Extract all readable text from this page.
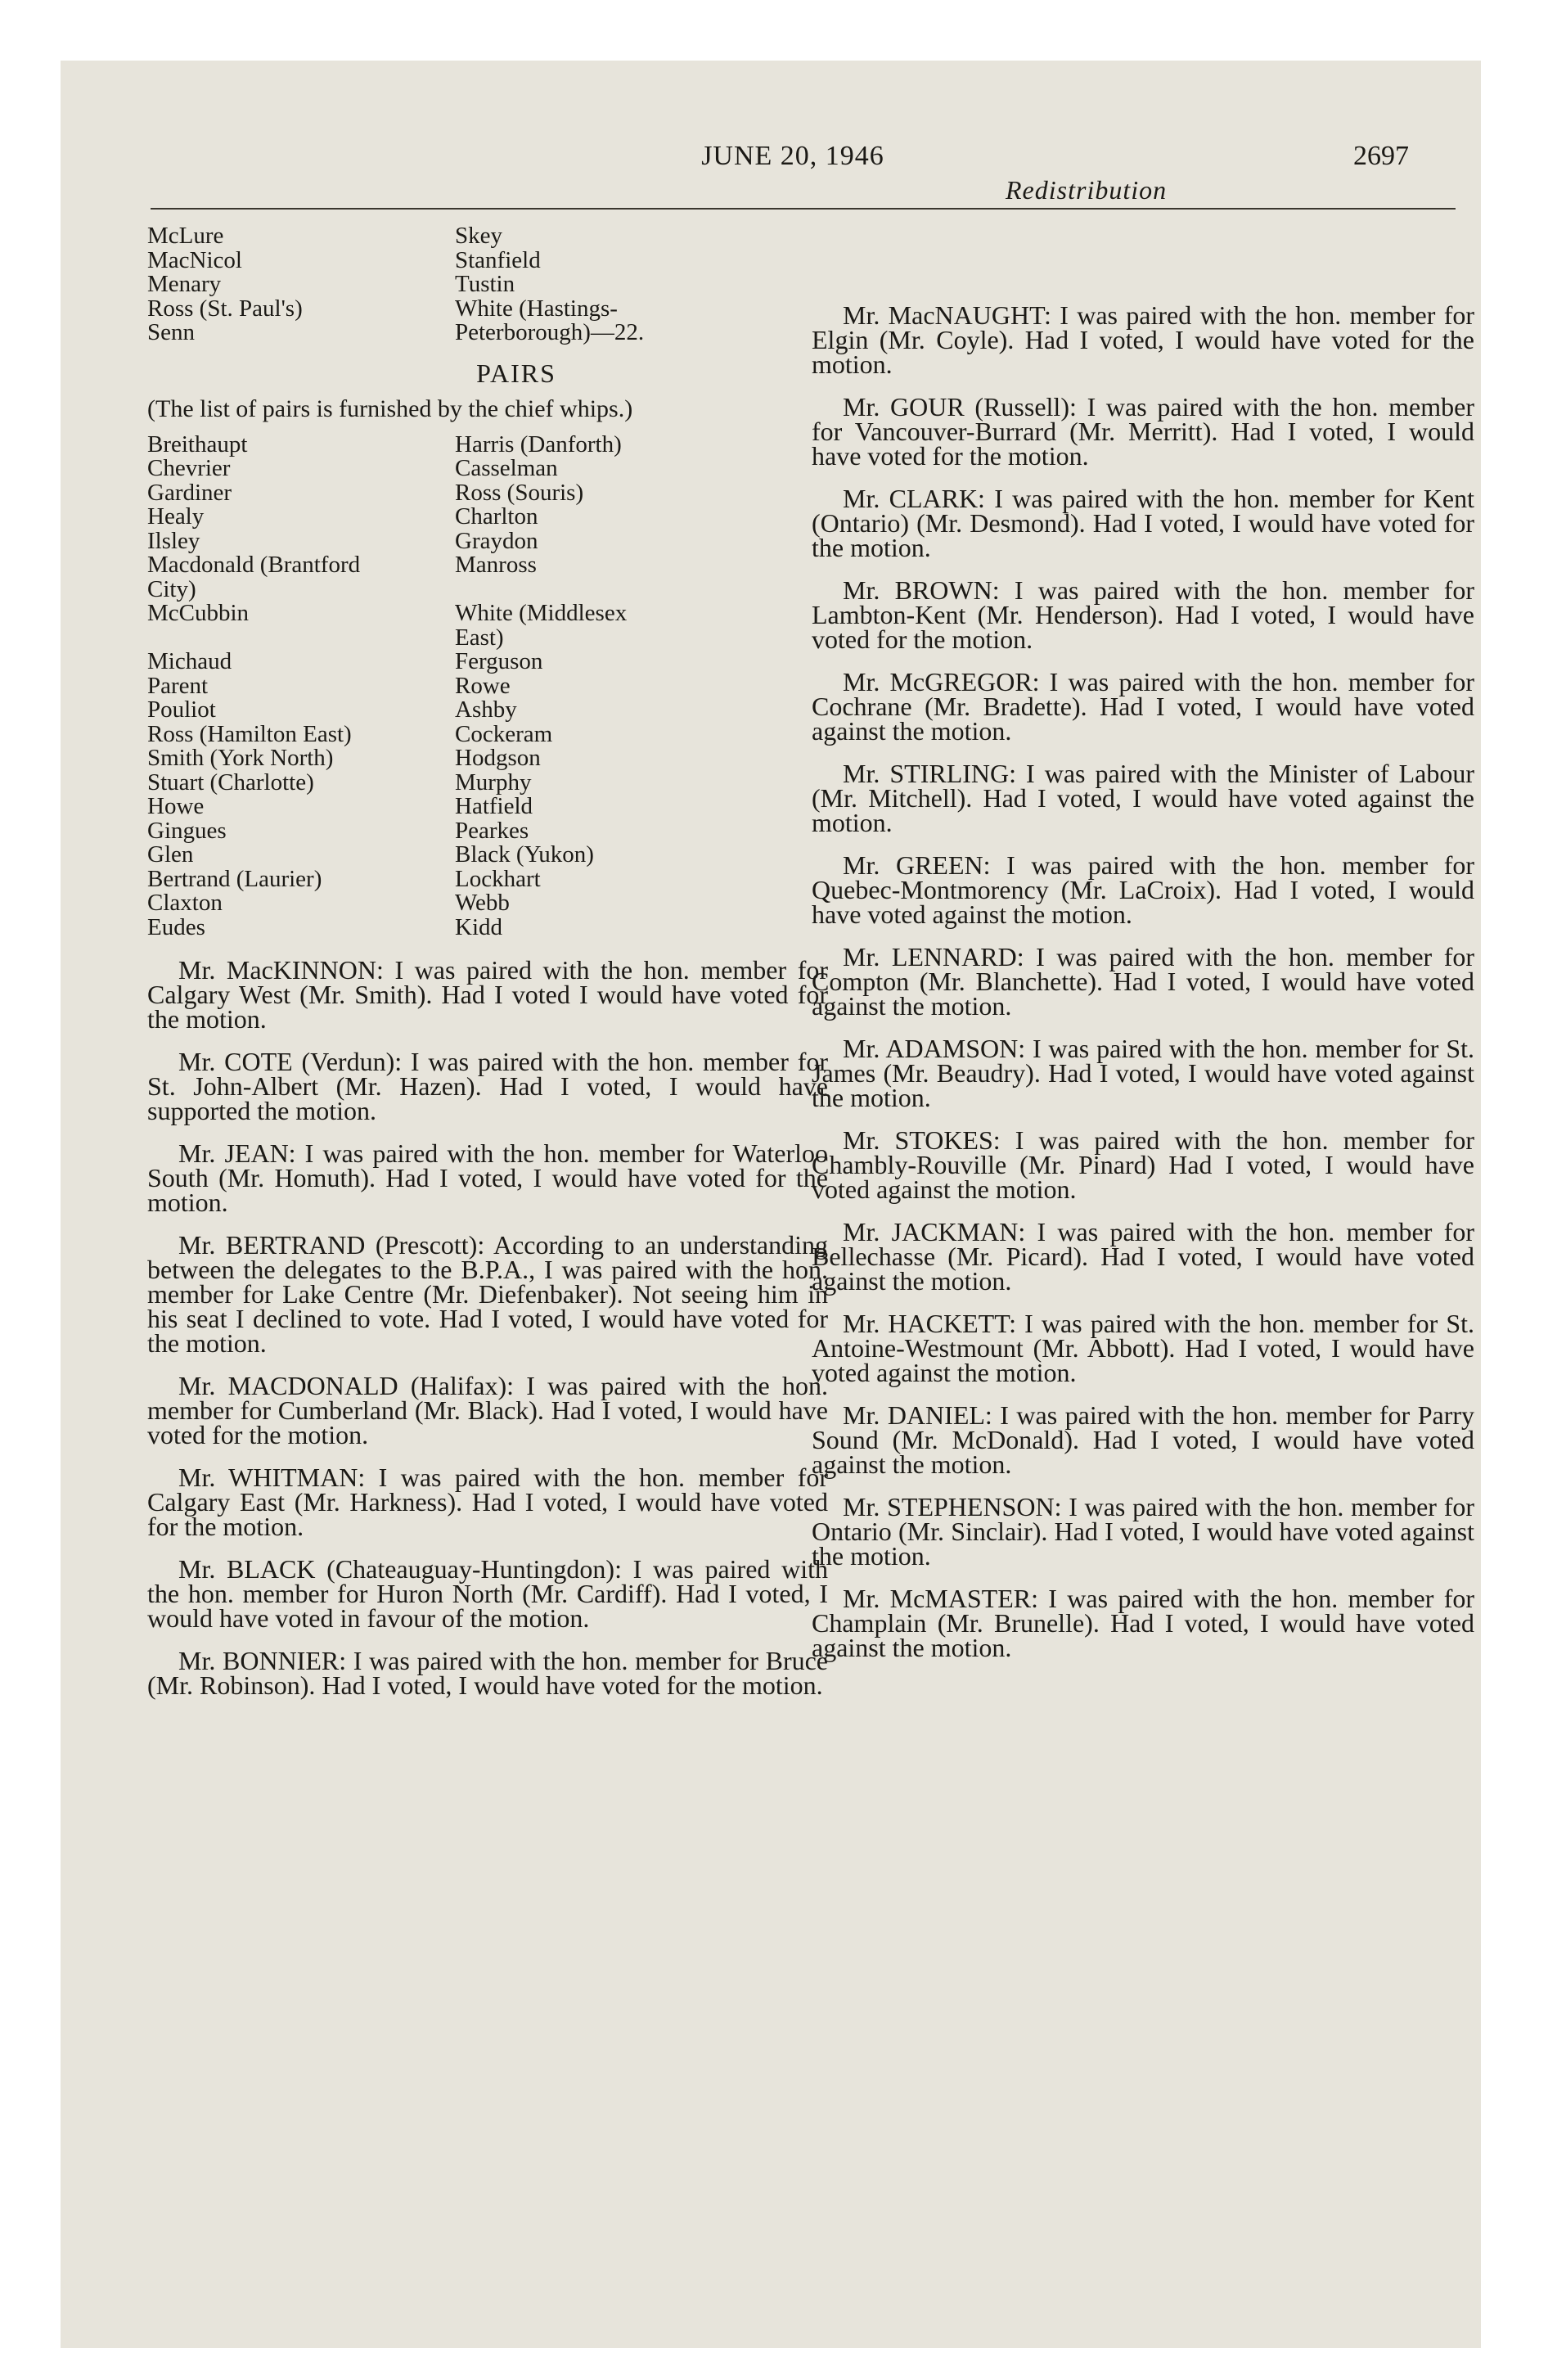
JUNE 20, 1946	2697
Redistribution
McLure	Skey
MacNicol	Stanfield
Menary	Tustin
Ross (St. Paul's)	White (Hastings-
Senn	Peterborough)—22.
PAIRS

(The list of pairs is furnished by the chief whips.)

Breithaupt	Harris (Danforth)
Chevrier	Casselman
Gardiner	Ross (Souris)
Healy	Charlton
Ilsley	Graydon
Macdonald (Brantford	Manross
City)
McCubbin	White (Middlesex
East)
Michaud	Ferguson
Parent	Rowe
Pouliot	Ashby
Ross (Hamilton East)	Cockeram
Smith (York North)	Hodgson
Stuart (Charlotte)	Murphy
Howe	Hatfield
Gingues	Pearkes
Glen	Black (Yukon)
Bertrand (Laurier)	Lockhart
Claxton	Webb
Eudes	Kidd

Mr. MacKINNON: I was paired with the hon. member for Calgary West (Mr. Smith). Had I voted I would have voted for the motion.

Mr. COTE (Verdun): I was paired with the hon. member for St. John-Albert (Mr. Hazen). Had I voted, I would have supported the motion.

Mr. JEAN: I was paired with the hon. member for Waterloo South (Mr. Homuth). Had I voted, I would have voted for the motion.

Mr. BERTRAND (Prescott): According to an understanding between the delegates to the B.P.A., I was paired with the hon. member for Lake Centre (Mr. Diefenbaker). Not seeing him in his seat I declined to vote. Had I voted, I would have voted for the motion.

Mr. MACDONALD (Halifax): I was paired with the hon. member for Cumberland (Mr. Black). Had I voted, I would have voted for the motion.

Mr. WHITMAN: I was paired with the hon. member for Calgary East (Mr. Harkness). Had I voted, I would have voted for the motion.

Mr. BLACK (Chateauguay-Huntingdon): I was paired with the hon. member for Huron North (Mr. Cardiff). Had I voted, I would have voted in favour of the motion.

Mr. BONNIER: I was paired with the hon. member for Bruce (Mr. Robinson). Had I voted, I would have voted for the motion.

Mr. MacNAUGHT: I was paired with the hon. member for Elgin (Mr. Coyle). Had I voted, I would have voted for the motion.

Mr. GOUR (Russell): I was paired with the hon. member for Vancouver-Burrard (Mr. Merritt). Had I voted, I would have voted for the motion.

Mr. CLARK: I was paired with the hon. member for Kent (Ontario) (Mr. Desmond). Had I voted, I would have voted for the motion.

Mr. BROWN: I was paired with the hon. member for Lambton-Kent (Mr. Henderson). Had I voted, I would have voted for the motion.

Mr. McGREGOR: I was paired with the hon. member for Cochrane (Mr. Bradette). Had I voted, I would have voted against the motion.

Mr. STIRLING: I was paired with the Minister of Labour (Mr. Mitchell). Had I voted, I would have voted against the motion.

Mr. GREEN: I was paired with the hon. member for Quebec-Montmorency (Mr. LaCroix). Had I voted, I would have voted against the motion.

Mr. LENNARD: I was paired with the hon. member for Compton (Mr. Blanchette). Had I voted, I would have voted against the motion.

Mr. ADAMSON: I was paired with the hon. member for St. James (Mr. Beaudry). Had I voted, I would have voted against the motion.

Mr. STOKES: I was paired with the hon. member for Chambly-Rouville (Mr. Pinard) Had I voted, I would have voted against the motion.

Mr. JACKMAN: I was paired with the hon. member for Bellechasse (Mr. Picard). Had I voted, I would have voted against the motion.

Mr. HACKETT: I was paired with the hon. member for St. Antoine-Westmount (Mr. Abbott). Had I voted, I would have voted against the motion.

Mr. DANIEL: I was paired with the hon. member for Parry Sound (Mr. McDonald). Had I voted, I would have voted against the motion.

Mr. STEPHENSON: I was paired with the hon. member for Ontario (Mr. Sinclair). Had I voted, I would have voted against the motion.

Mr. McMASTER: I was paired with the hon. member for Champlain (Mr. Brunelle). Had I voted, I would have voted against the motion.
